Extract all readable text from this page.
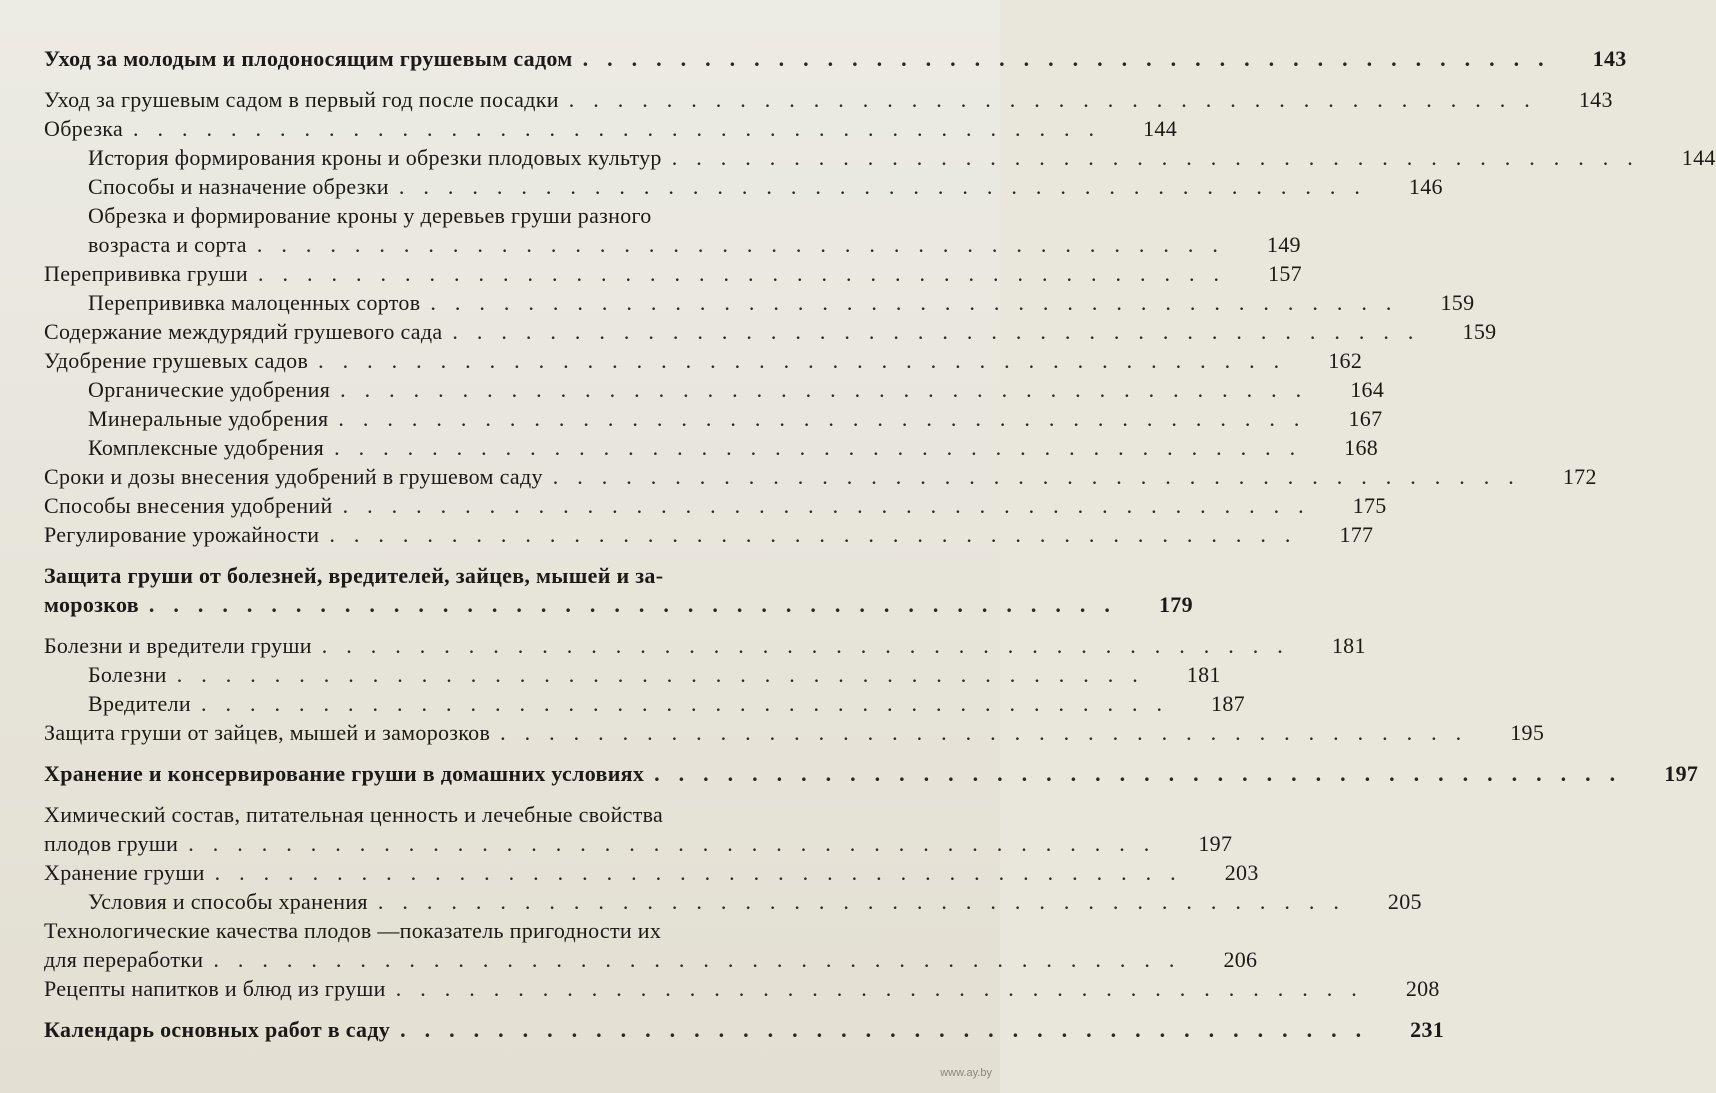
Уход за молодым и плодоносящим грушевым садом ........................................	143
Уход за грушевым садом в первый год после посадки ........................................	143
Обрезка ........................................	144
История формирования кроны и обрезки плодовых культур ........................................	144
Способы и назначение обрезки ........................................	146
Обрезка и формирование кроны у деревьев груши разного
возраста и сорта ........................................	149
Перепрививка груши ........................................	157
Перепрививка малоценных сортов ........................................	159
Содержание междурядий грушевого сада ........................................	159
Удобрение грушевых садов ........................................	162
Органические удобрения ........................................	164
Минеральные удобрения ........................................	167
Комплексные удобрения ........................................	168
Сроки и дозы внесения удобрений в грушевом саду ........................................	172
Способы внесения удобрений ........................................	175
Регулирование урожайности ........................................	177
Защита груши от болезней, вредителей, зайцев, мышей и за-
морозков ........................................	179
Болезни и вредители груши ........................................	181
Болезни ........................................	181
Вредители ........................................	187
Защита груши от зайцев, мышей и заморозков ........................................	195
Хранение и консервирование груши в домашних условиях ........................................	197
Химический состав, питательная ценность и лечебные свойства
плодов груши ........................................	197
Хранение груши ........................................	203
Условия и способы хранения ........................................	205
Технологические качества плодов —показатель пригодности их
для переработки ........................................	206
Рецепты напитков и блюд из груши ........................................	208
Календарь основных работ в саду ........................................	231
www.ay.by
